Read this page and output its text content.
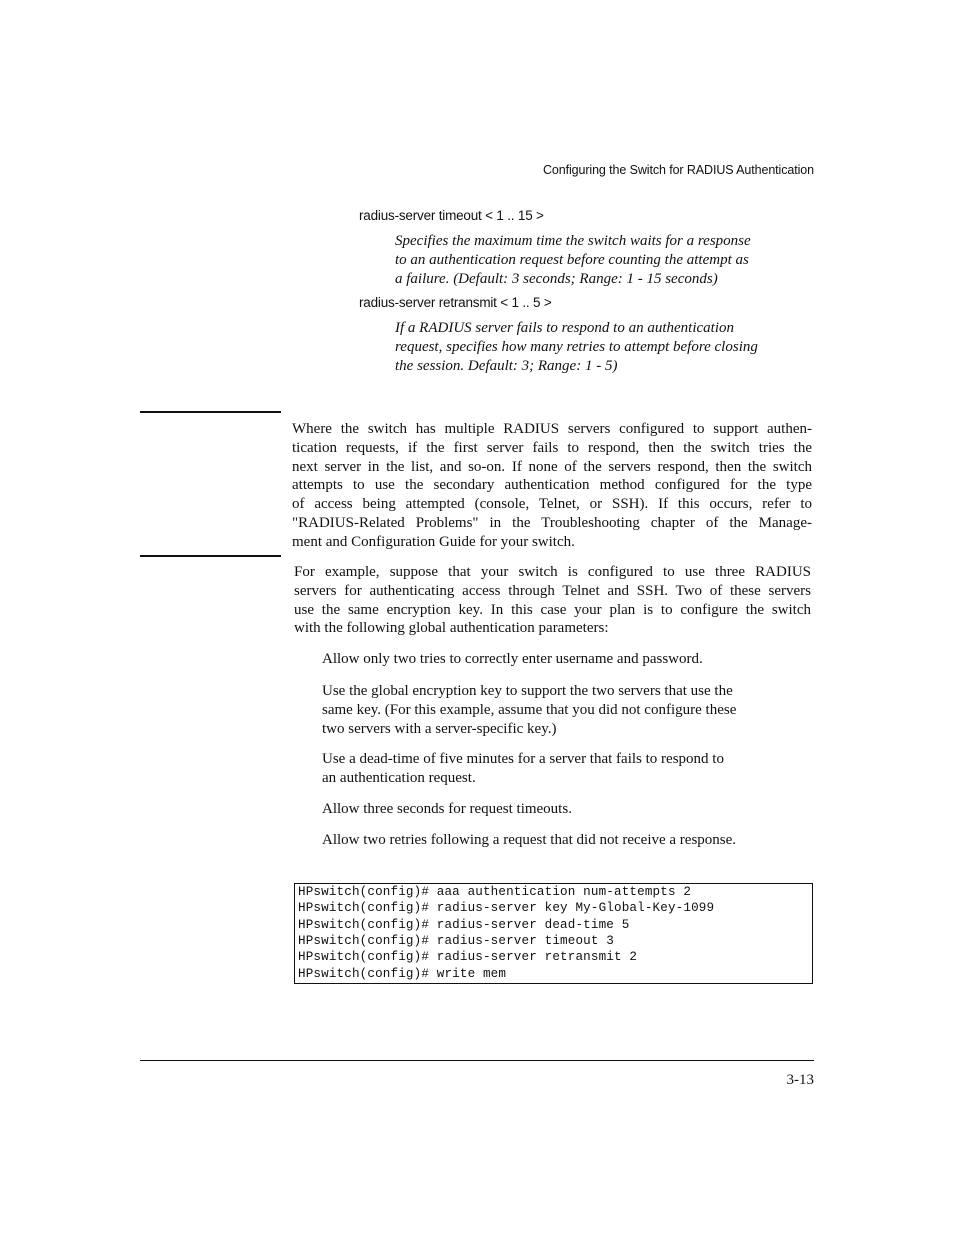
Configuring the Switch for RADIUS Authentication
radius-server timeout < 1 .. 15 >
Specifies the maximum time the switch waits for a response
to an authentication request before counting the attempt as
a failure. (Default: 3 seconds; Range: 1 - 15 seconds)
radius-server retransmit < 1 .. 5 >
If a RADIUS server fails to respond to an authentication
request, specifies how many retries to attempt before closing
the session. Default: 3; Range: 1 - 5)
Where the switch has multiple RADIUS servers configured to support authen-
tication requests, if the first server fails to respond, then the switch tries the
next server in the list, and so-on. If none of the servers respond, then the switch
attempts to use the secondary authentication method configured for the type
of access being attempted (console, Telnet, or SSH). If this occurs, refer to
"RADIUS-Related Problems" in the Troubleshooting chapter of the Manage-
ment and Configuration Guide for your switch.
For example, suppose that your switch is configured to use three RADIUS
servers for authenticating access through Telnet and SSH. Two of these servers
use the same encryption key. In this case your plan is to configure the switch
with the following global authentication parameters:
Allow only two tries to correctly enter username and password.
Use the global encryption key to support the two servers that use the
same key. (For this example, assume that you did not configure these
two servers with a server-specific key.)
Use a dead-time of five minutes for a server that fails to respond to
an authentication request.
Allow three seconds for request timeouts.
Allow two retries following a request that did not receive a response.
HPswitch(config)# aaa authentication num-attempts 2
HPswitch(config)# radius-server key My-Global-Key-1099
HPswitch(config)# radius-server dead-time 5
HPswitch(config)# radius-server timeout 3
HPswitch(config)# radius-server retransmit 2
HPswitch(config)# write mem
3-13
